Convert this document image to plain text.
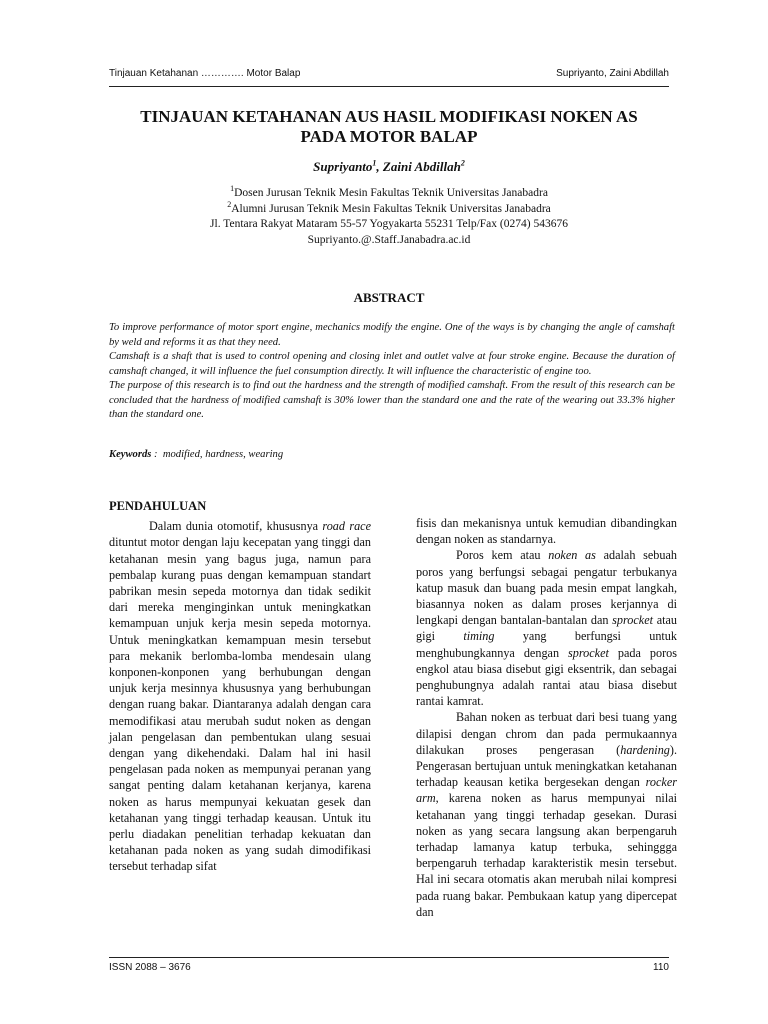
Tinjauan Ketahanan …………. Motor Balap	Supriyanto, Zaini Abdillah
TINJAUAN KETAHANAN AUS HASIL MODIFIKASI NOKEN AS
PADA MOTOR BALAP
Supriyanto$^1$, Zaini Abdillah$^2$
$^1$Dosen Jurusan Teknik Mesin Fakultas Teknik Universitas Janabadra
$^2$Alumni Jurusan Teknik Mesin Fakultas Teknik Universitas Janabadra
Jl. Tentara Rakyat Mataram 55-57 Yogyakarta 55231 Telp/Fax (0274) 543676
Supriyanto.@.Staff.Janabadra.ac.id
ABSTRACT

To improve performance of motor sport engine, mechanics modify the engine. One of the ways is by changing the angle of camshaft by weld and reforms it as that they need.

Camshaft is a shaft that is used to control opening and closing inlet and outlet valve at four stroke engine. Because the duration of camshaft changed, it will influence the fuel consumption directly. It will influence the characteristic of engine too.

The purpose of this research is to find out the hardness and the strength of modified camshaft. From the result of this research can be concluded that the hardness of modified camshaft is 30% lower than the standard one and the rate of the wearing out 33.3% higher than the standard one.

Keywords :  modified, hardness, wearing

PENDAHULUAN

Dalam dunia otomotif, khususnya road race dituntut motor dengan laju kecepatan yang tinggi dan ketahanan mesin yang bagus juga, namun para pembalap kurang puas dengan kemampuan standart pabrikan mesin sepeda motornya dan tidak sedikit dari mereka menginginkan untuk meningkatkan kemampuan unjuk kerja mesin sepeda motornya. Untuk meningkatkan kemampuan mesin tersebut para mekanik berlomba-lomba mendesain ulang konponen-konponen yang berhubungan dengan unjuk kerja mesinnya khususnya yang berhubungan dengan ruang bakar. Diantaranya adalah dengan cara memodifikasi atau merubah sudut noken as dengan jalan pengelasan dan pembentukan ulang sesuai dengan yang dikehendaki. Dalam hal ini hasil pengelasan pada noken as mempunyai peranan yang sangat penting dalam ketahanan kerjanya, karena noken as harus mempunyai kekuatan gesek dan ketahanan yang tinggi terhadap keausan. Untuk itu perlu diadakan penelitian terhadap kekuatan dan ketahanan pada noken as yang sudah dimodifikasi tersebut terhadap sifat

fisis dan mekanisnya untuk kemudian dibandingkan dengan noken as standarnya.

Poros kem atau noken as adalah sebuah poros yang berfungsi sebagai pengatur terbukanya katup masuk dan buang pada mesin empat langkah, biasannya noken as dalam proses kerjannya di lengkapi dengan bantalan-bantalan dan sprocket atau gigi timing yang berfungsi untuk menghubungkannya dengan sprocket pada poros engkol atau biasa disebut gigi eksentrik, dan sebagai penghubungnya adalah rantai atau biasa disebut rantai kamrat.

Bahan noken as terbuat dari besi tuang yang dilapisi dengan chrom dan pada permukaannya dilakukan proses pengerasan (hardening). Pengerasan bertujuan untuk meningkatkan ketahanan terhadap keausan ketika bergesekan dengan rocker arm, karena noken as harus mempunyai nilai ketahanan yang tinggi terhadap gesekan. Durasi noken as yang secara langsung akan berpengaruh terhadap lamanya katup terbuka, sehinggga berpengaruh terhadap karakteristik mesin tersebut. Hal ini secara otomatis akan merubah nilai kompresi pada ruang bakar. Pembukaan katup yang dipercepat dan

ISSN 2088 – 3676	110
